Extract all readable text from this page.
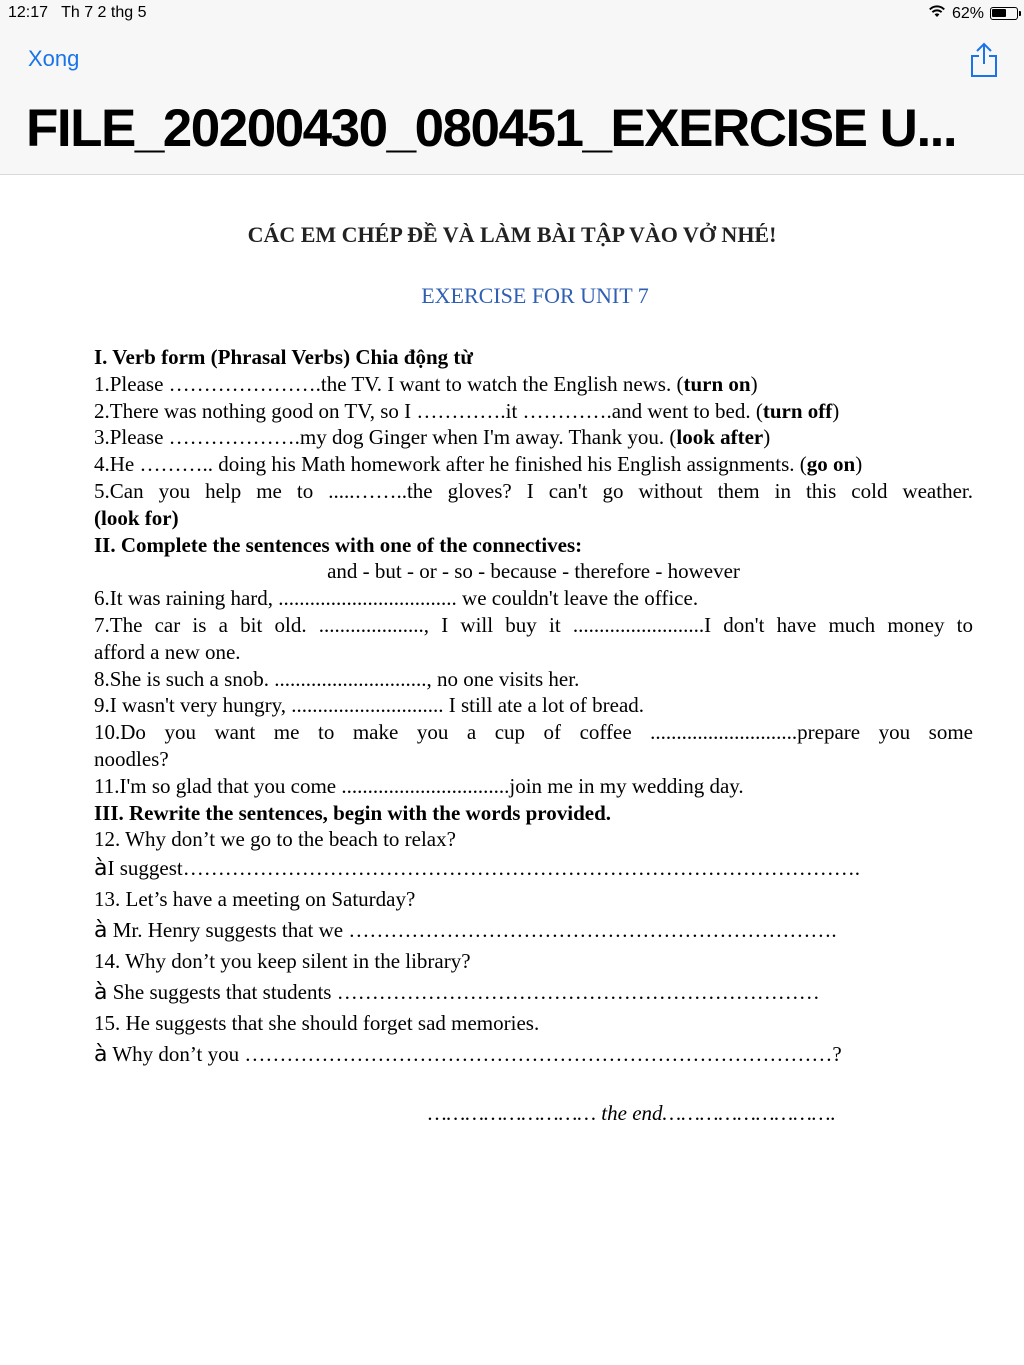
12:17 Th 7 2 thg 5	62%
Xong
FILE_20200430_080451_EXERCISE U...
CÁC EM CHÉP ĐỀ VÀ LÀM BÀI TẬP VÀO VỞ NHÉ!
EXERCISE FOR UNIT 7
I. Verb form (Phrasal Verbs) Chia động từ
1.Please ………………….the TV. I want to watch the English news. (turn on)
2.There was nothing good on TV, so I ………….it ………….and went to bed. (turn off)
3.Please ……………….my dog Ginger when I'm away. Thank you. (look after)
4.He ……….. doing his Math homework after he finished his English assignments. (go on)
5.Can you help me to .....……..the gloves? I can't go without them in this cold weather.
(look for)
II. Complete the sentences with one of the connectives:
and - but - or - so - because - therefore - however
6.It was raining hard, .................................. we couldn't leave the office.
7.The car is a bit old. ...................., I will buy it .........................I don't have much money to
afford a new one.
8.She is such a snob. ............................., no one visits her.
9.I wasn't very hungry, ............................. I still ate a lot of bread.
10.Do you want me to make you a cup of coffee ............................prepare you some
noodles?
11.I'm so glad that you come ................................join me in my wedding day.
III. Rewrite the sentences, begin with the words provided.
12. Why don’t we go to the beach to relax?
àI suggest…………………………………………………………………………………….
13. Let’s have a meeting on Saturday?
à Mr. Henry suggests that we …………………………………………………………….
14. Why don’t you keep silent in the library?
à She suggests that students ……………………………………………………………
15. He suggests that she should forget sad memories.
à Why don’t you …………………………………………………………………………?
……………………… the end……………………….
